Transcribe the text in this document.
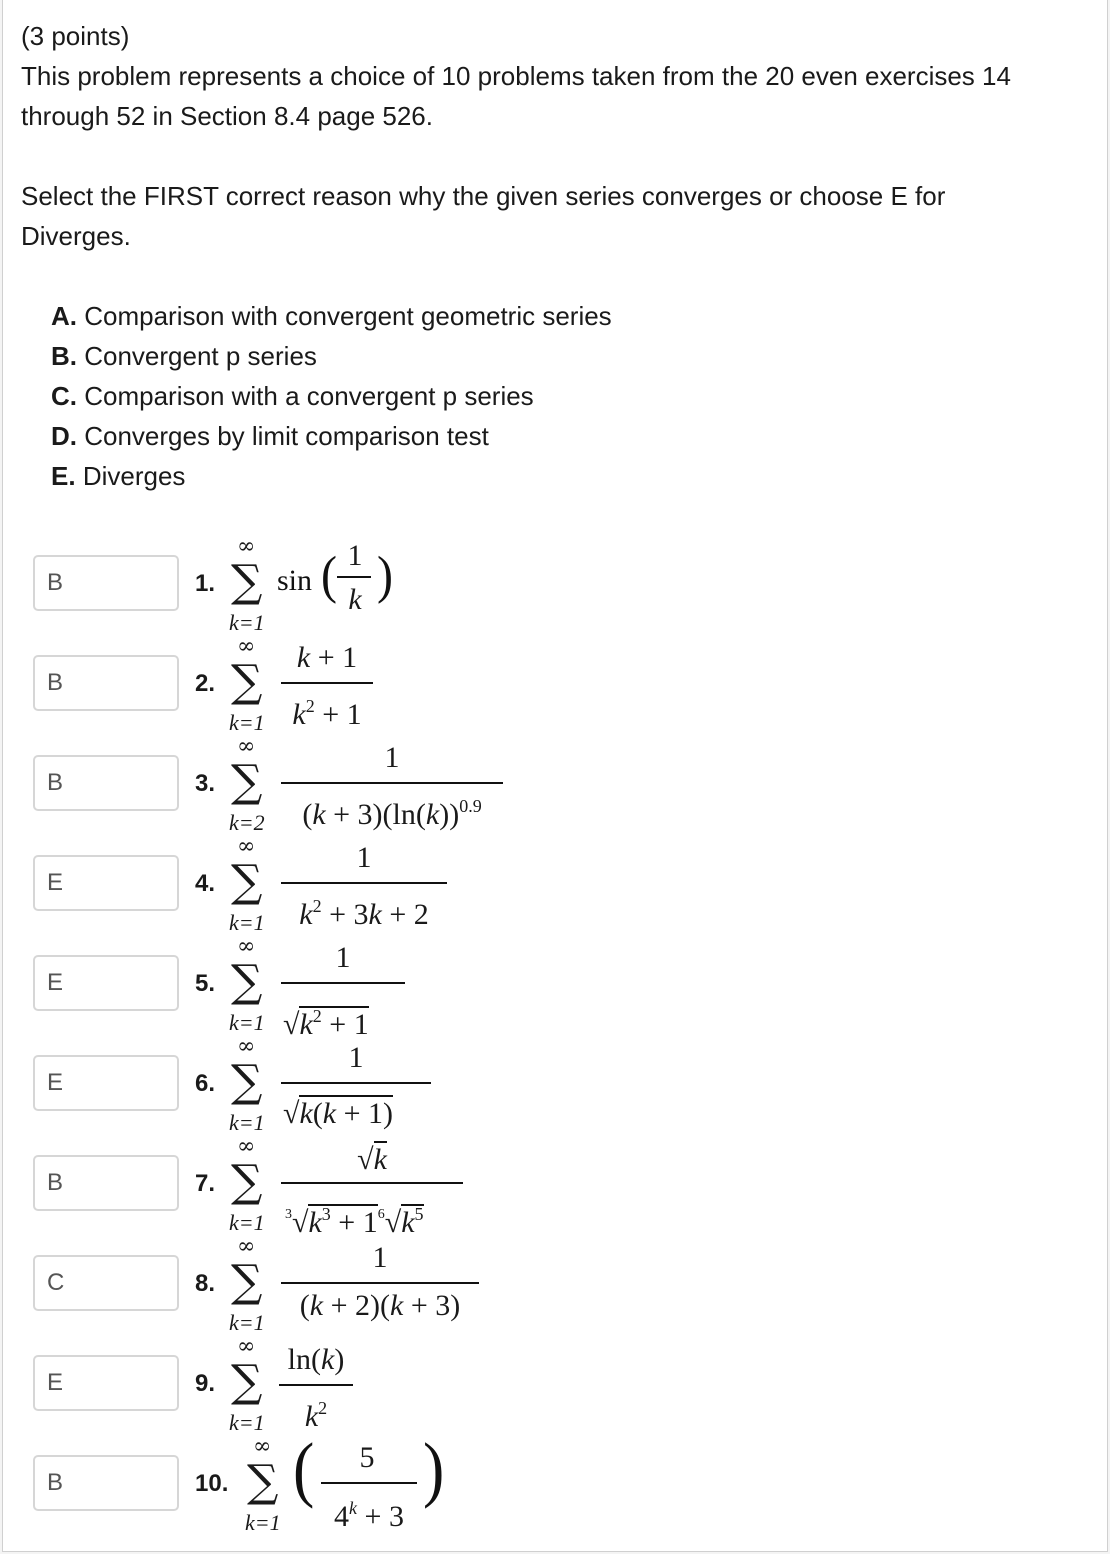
(3 points)
This problem represents a choice of 10 problems taken from the 20 even exercises 14
through 52 in Section 8.4 page 526.
Select the FIRST correct reason why the given series converges or choose E for
Diverges.
A. Comparison with convergent geometric series
B. Convergent p series
C. Comparison with a convergent p series
D. Converges by limit comparison test
E. Diverges
B	1.
∞
∑
k=1
sin ( 1
k )
B	2.
∞
∑
k=1
k + 1
$k^2 + 1$
B	3.
∞
∑
k=2
1
$(k + 3)(\ln(k))^{0.9}$
E	4.
∞
∑
k=1
1
$k^2 + 3k + 2$
E	5.
∞
∑
k=1
1
$√k^2 + 1$
E	6.
∞
∑
k=1
1
√k(k + 1)
B	7.
∞
∑
k=1
√k
$^3√k^3 + 1^6√k^5$
C	8.
∞
∑
k=1
1
(k + 2)(k + 3)
E	9.
∞
∑
k=1
ln(k)
$k^2$
B	10.
∞
∑
k=1
(	5
$4^k + 3$
)
